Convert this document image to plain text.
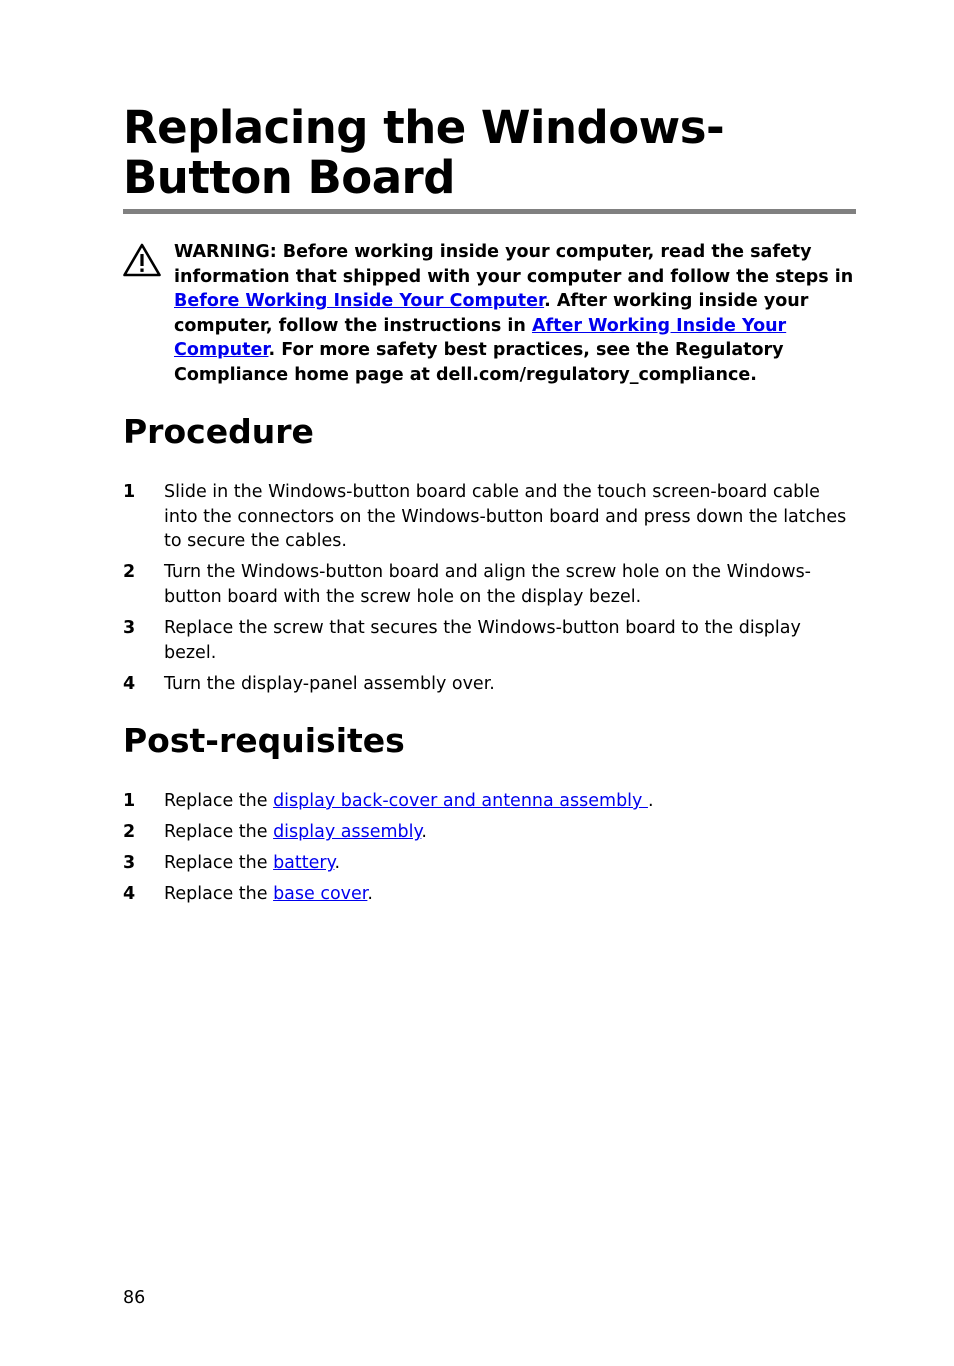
Replacing the Windows-Button Board

WARNING: Before working inside your computer, read the safety information that shipped with your computer and follow the steps in Before Working Inside Your Computer. After working inside your computer, follow the instructions in After Working Inside Your Computer. For more safety best practices, see the Regulatory Compliance home page at dell.com/regulatory_compliance.

Procedure
1 Slide in the Windows-button board cable and the touch screen-board cable into the connectors on the Windows-button board and press down the latches to secure the cables.
2 Turn the Windows-button board and align the screw hole on the Windows-button board with the screw hole on the display bezel.
3 Replace the screw that secures the Windows-button board to the display bezel.
4 Turn the display-panel assembly over.
Post-requisites
1 Replace the display back-cover and antenna assembly .
2 Replace the display assembly.
3 Replace the battery.
4 Replace the base cover.
86
